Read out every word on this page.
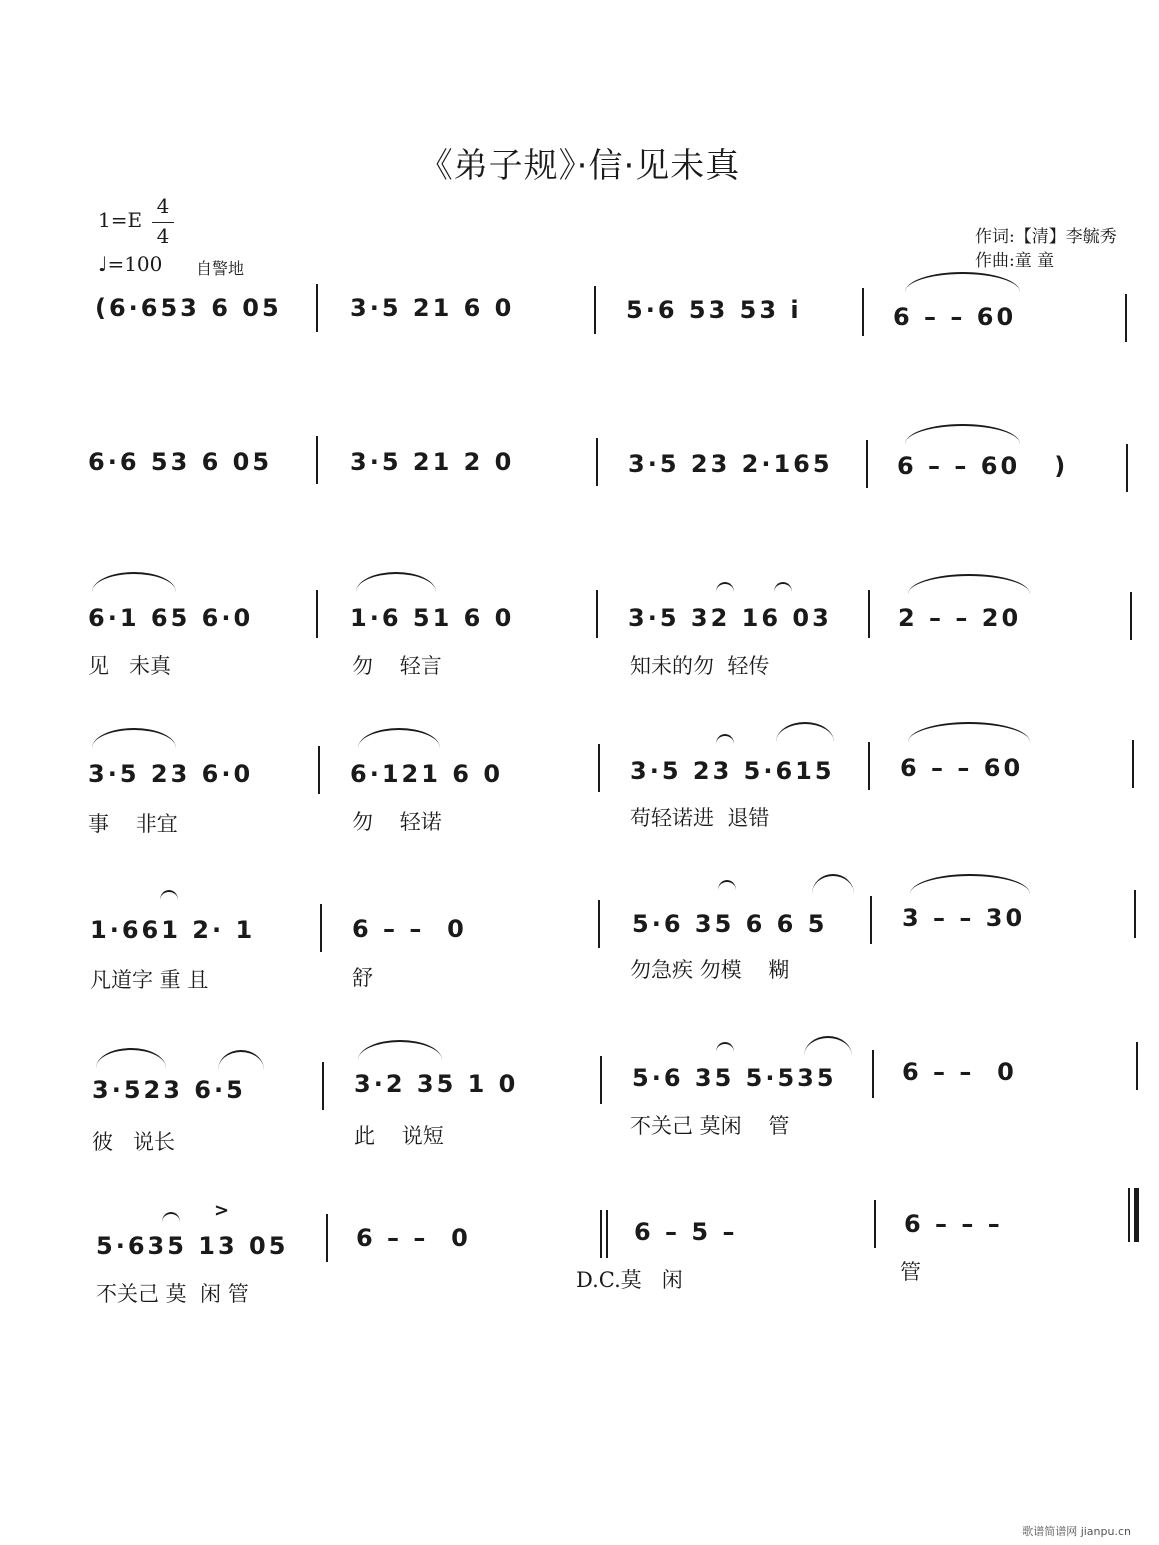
《弟子规》·信·见未真
1=E
4
4
♩=100 自警地
作词:【清】李毓秀
作曲:童 童
(6·653 6 05	3·5 21 6 0	5·6 53 53 i	6 – – 60
6·6 53 6 05	3·5 21 2 0	3·5 23 2·165	6 – – 60   )
6·1 65 6·0	1·6 51 6 0	3·5 32 16 03	2 – – 20
见   未真	勿    轻言	知未的勿  轻传
3·5 23 6·0	6·121 6 0	3·5 23 5·615	6 – – 60
事    非宜	勿    轻诺	苟轻诺进  退错
1·661 2· 1	6 – –  0	5·6 35 6 6 5	3 – – 30
凡道字 重 且	舒	勿急疾 勿模    糊
3·523 6·5	3·2 35 1 0	5·6 35 5·535	6 – –  0
彼   说长	此    说短	不关己 莫闲    管
5·635 13 05	6 – –  0	6 – 5 –	6 – – –
不关己 莫  闲 管
D.C.莫   闲	管
>
歌谱简谱网 jianpu.cn
